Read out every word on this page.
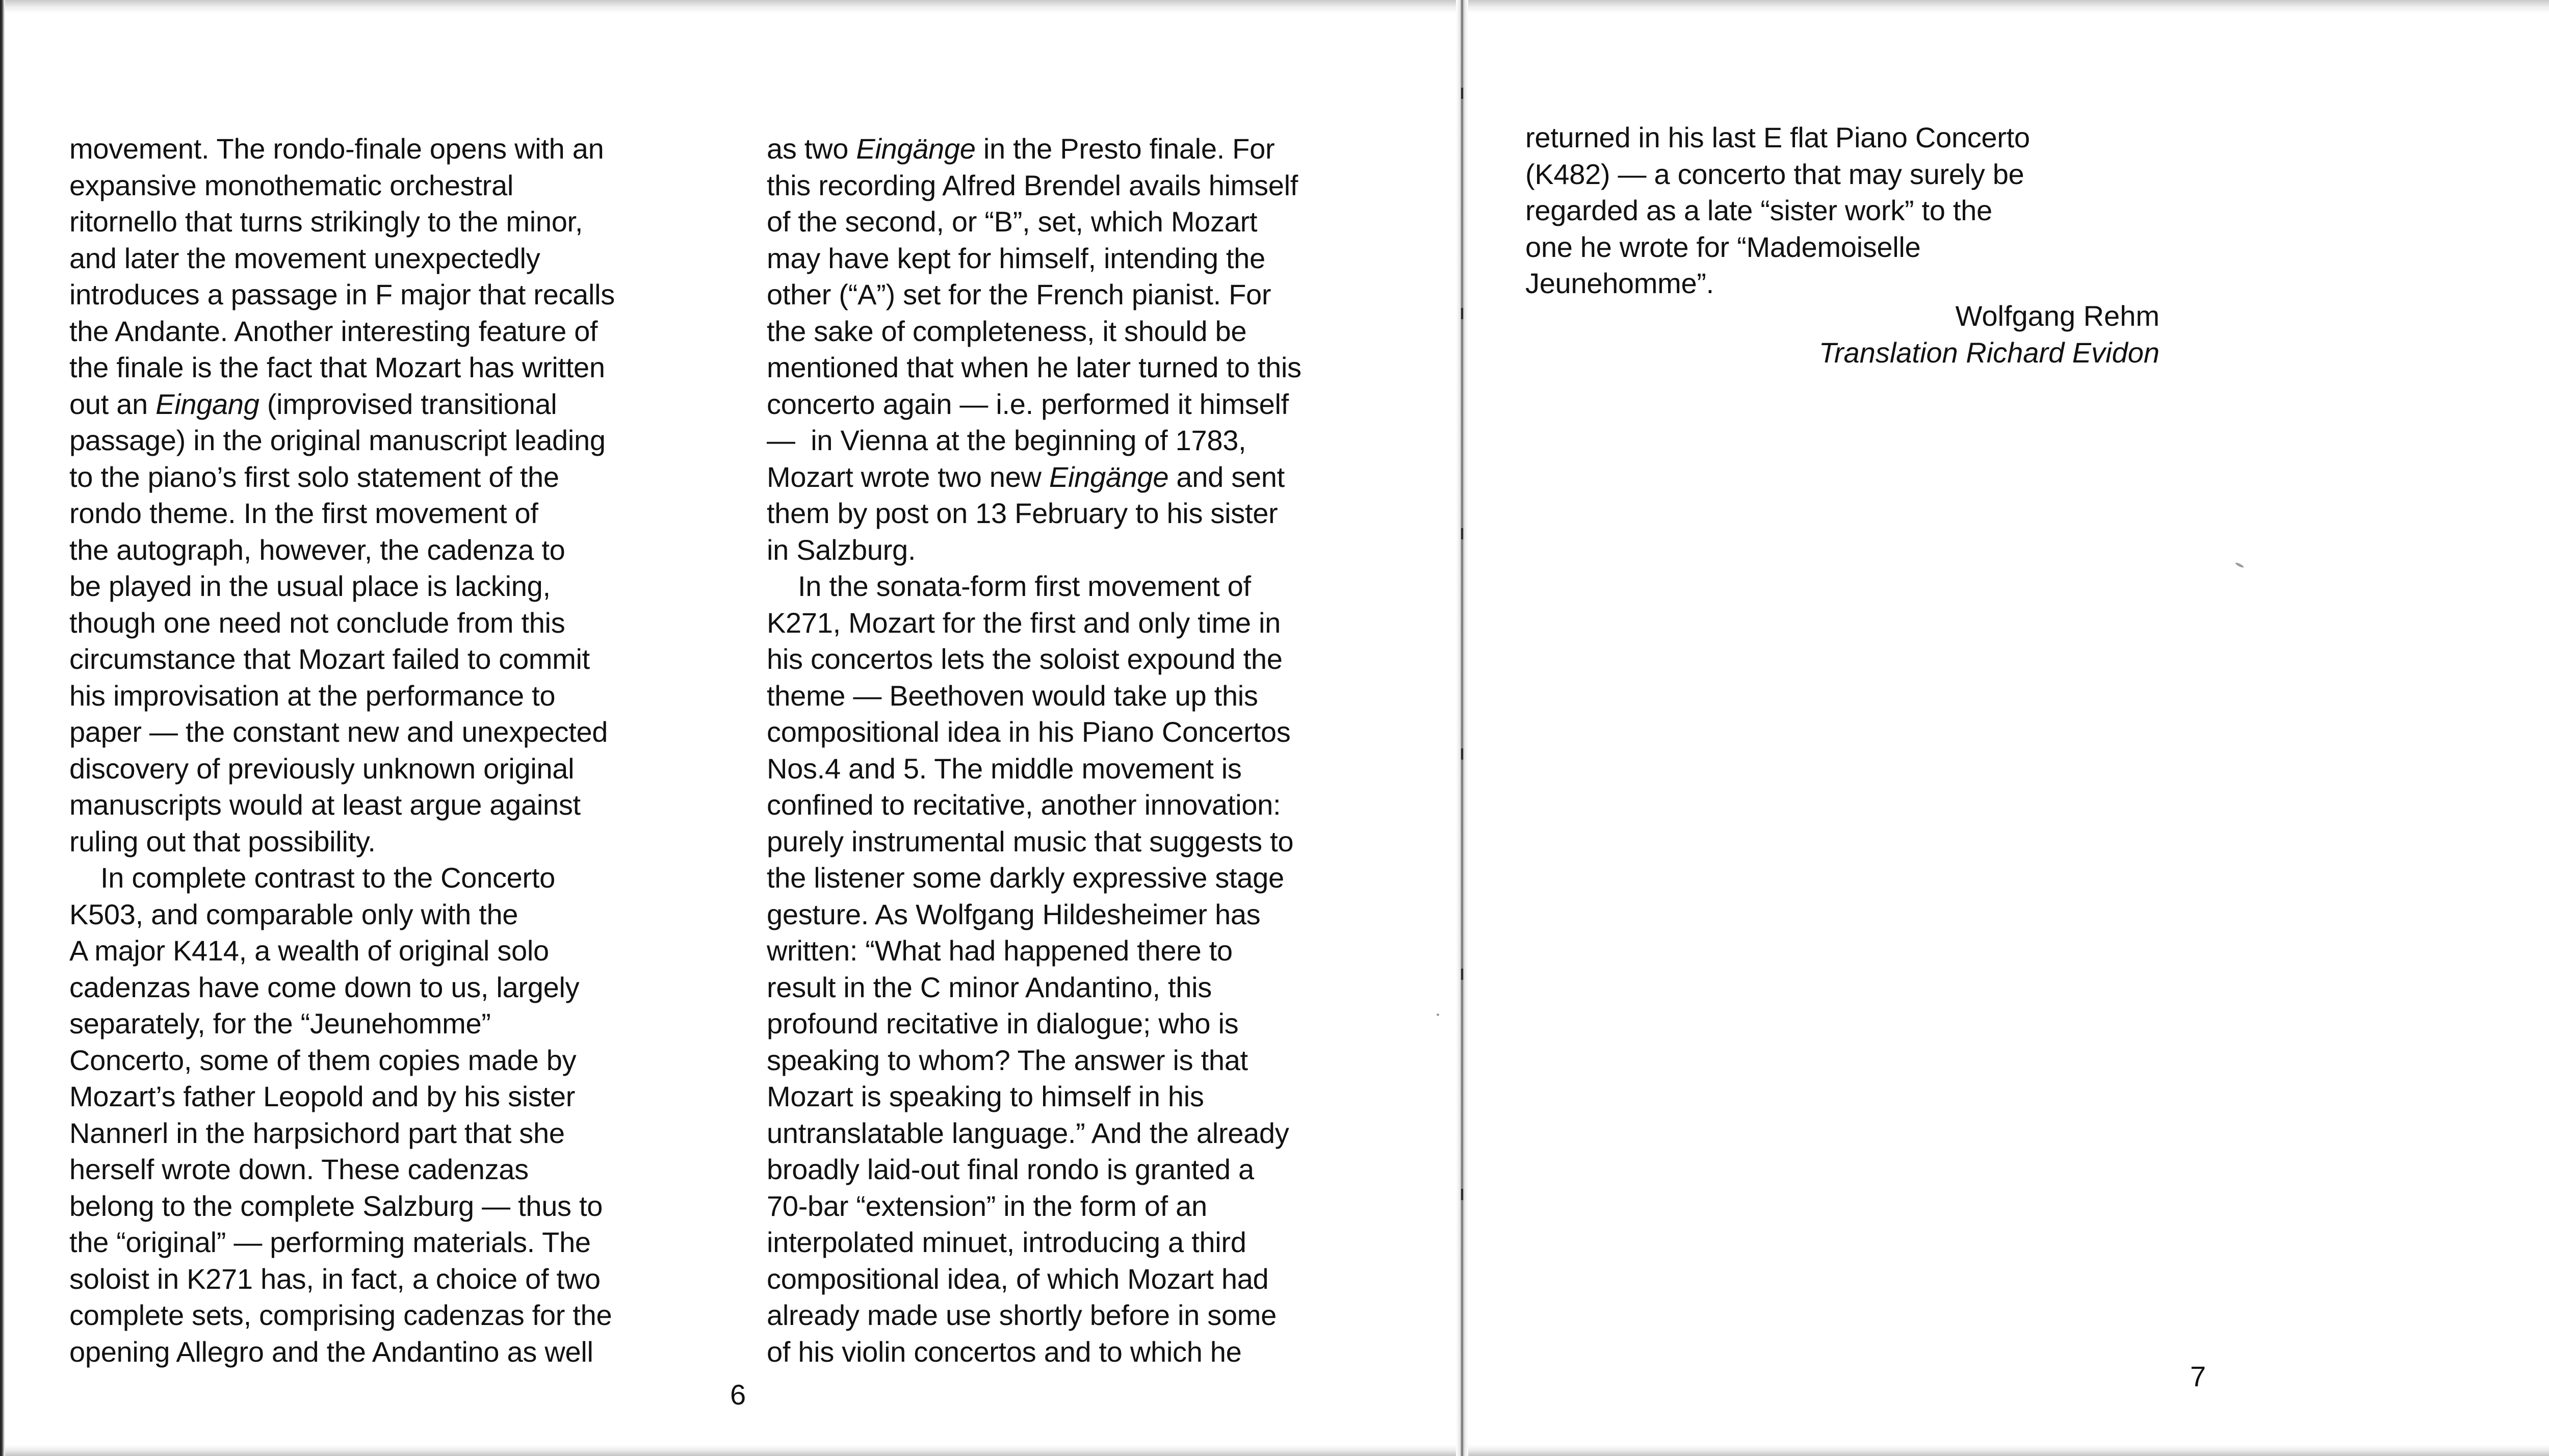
movement. The rondo-finale opens with an
expansive monothematic orchestral
ritornello that turns strikingly to the minor,
and later the movement unexpectedly
introduces a passage in F major that recalls
the Andante. Another interesting feature of
the finale is the fact that Mozart has written
out an Eingang (improvised transitional
passage) in the original manuscript leading
to the piano’s first solo statement of the
rondo theme. In the first movement of
the autograph, however, the cadenza to
be played in the usual place is lacking,
though one need not conclude from this
circumstance that Mozart failed to commit
his improvisation at the performance to
paper — the constant new and unexpected
discovery of previously unknown original
manuscripts would at least argue against
ruling out that possibility.
In complete contrast to the Concerto
K503, and comparable only with the
A major K414, a wealth of original solo
cadenzas have come down to us, largely
separately, for the “Jeunehomme”
Concerto, some of them copies made by
Mozart’s father Leopold and by his sister
Nannerl in the harpsichord part that she
herself wrote down. These cadenzas
belong to the complete Salzburg — thus to
the “original” — performing materials. The
soloist in K271 has, in fact, a choice of two
complete sets, comprising cadenzas for the
opening Allegro and the Andantino as well
as two Eingänge in the Presto finale. For
this recording Alfred Brendel avails himself
of the second, or “B”, set, which Mozart
may have kept for himself, intending the
other (“A”) set for the French pianist. For
the sake of completeness, it should be
mentioned that when he later turned to this
concerto again — i.e. performed it himself
—  in Vienna at the beginning of 1783,
Mozart wrote two new Eingänge and sent
them by post on 13 February to his sister
in Salzburg.
In the sonata-form first movement of
K271, Mozart for the first and only time in
his concertos lets the soloist expound the
theme — Beethoven would take up this
compositional idea in his Piano Concertos
Nos.4 and 5. The middle movement is
confined to recitative, another innovation:
purely instrumental music that suggests to
the listener some darkly expressive stage
gesture. As Wolfgang Hildesheimer has
written: “What had happened there to
result in the C minor Andantino, this
profound recitative in dialogue; who is
speaking to whom? The answer is that
Mozart is speaking to himself in his
untranslatable language.” And the already
broadly laid-out final rondo is granted a
70-bar “extension” in the form of an
interpolated minuet, introducing a third
compositional idea, of which Mozart had
already made use shortly before in some
of his violin concertos and to which he
6
returned in his last E flat Piano Concerto
(K482) — a concerto that may surely be
regarded as a late “sister work” to the
one he wrote for “Mademoiselle
Jeunehomme”.
Wolfgang Rehm
Translation Richard Evidon
7
